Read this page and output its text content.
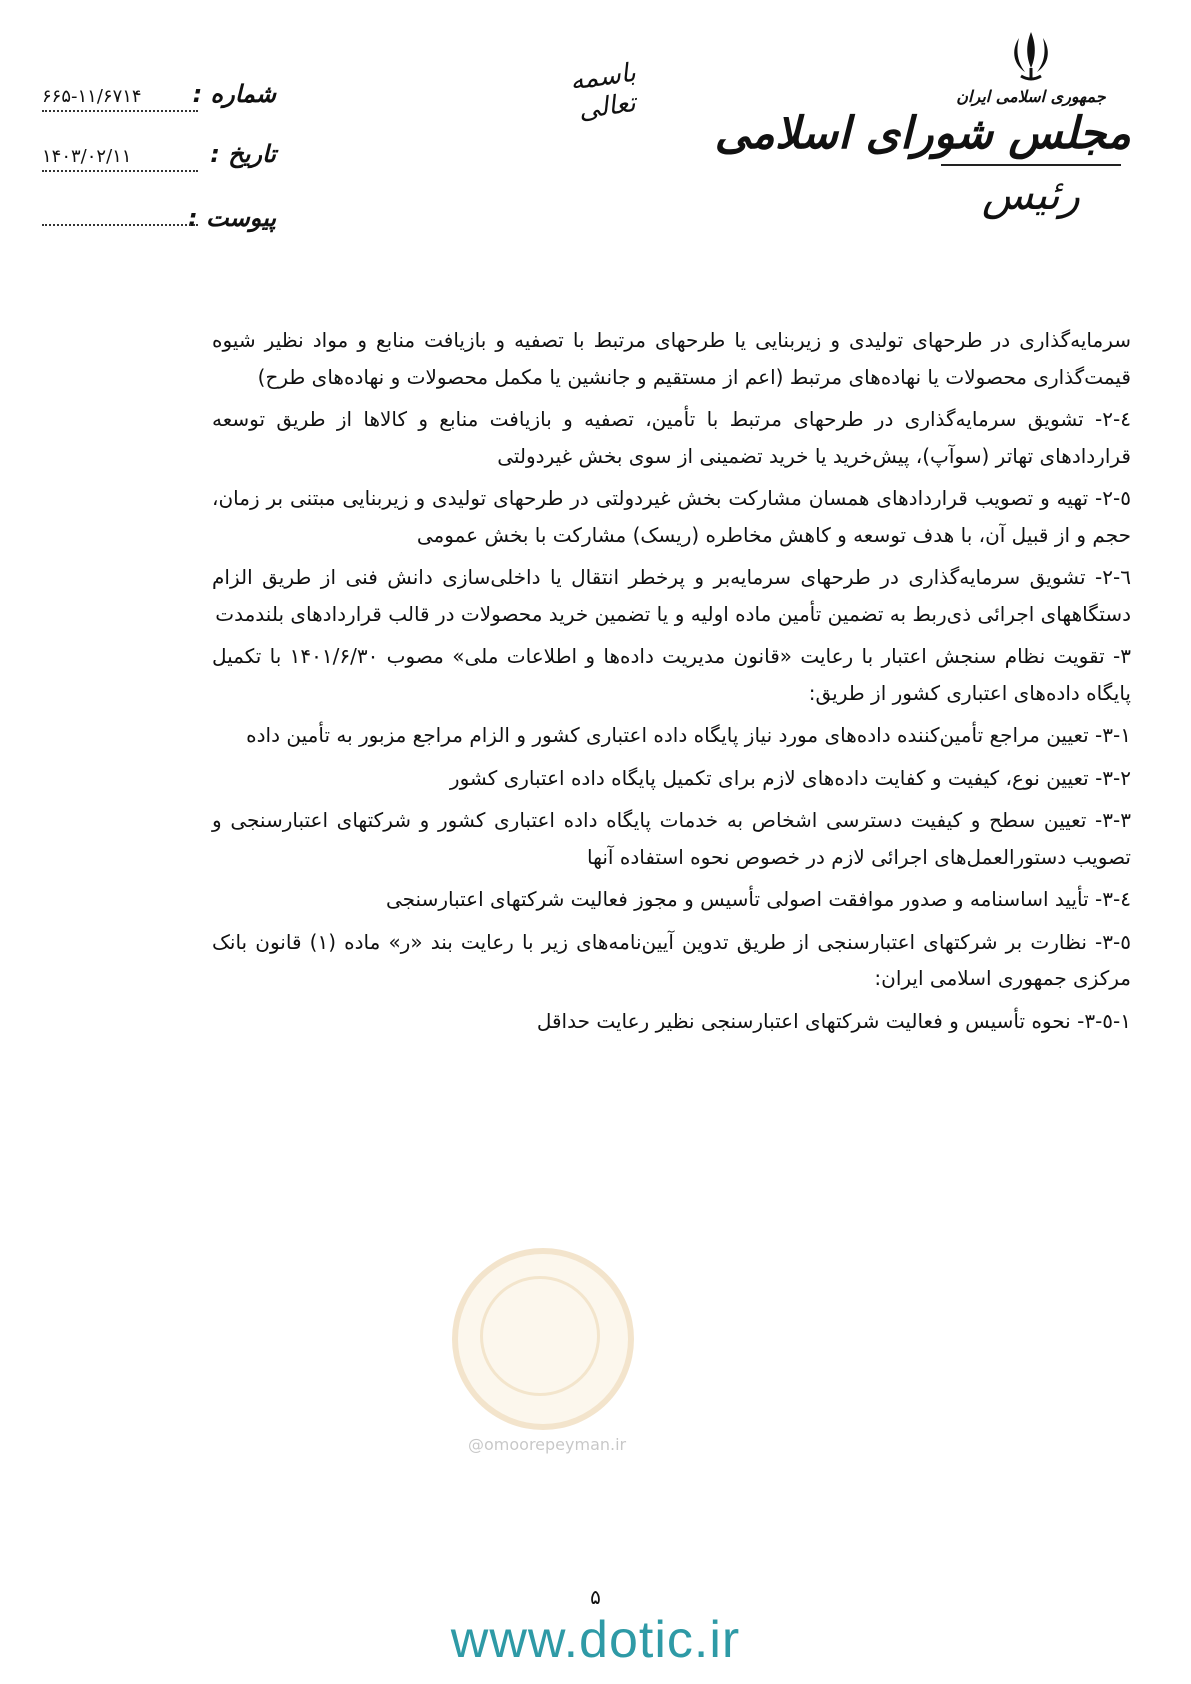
جمهوری اسلامی ایران
مجلس شورای اسلامی
رئیس
باسمه تعالی
شماره :
۶۶۵-۱۱/۶۷۱۴
تاریخ :
۱۴۰۳/۰۲/۱۱
پیوست :
@omoorepeyman.ir

سرمایه‌گذاری در طرحهای تولیدی و زیربنایی یا طرحهای مرتبط با تصفیه و بازیافت منابع و مواد نظیر شیوه قیمت‌گذاری محصولات یا نهاده‌های مرتبط (اعم از مستقیم و جانشین یا مکمل محصولات و نهاده‌های طرح)

٤-٢- تشویق سرمایه‌گذاری در طرحهای مرتبط با تأمین، تصفیه و بازیافت منابع و کالاها از طریق توسعه قراردادهای تهاتر (سوآپ)، پیش‌خرید یا خرید تضمینی از سوی بخش غیردولتی

٥-٢- تهیه و تصویب قراردادهای همسان مشارکت بخش غیردولتی در طرحهای تولیدی و زیربنایی مبتنی بر زمان، حجم و از قبیل آن، با هدف توسعه و کاهش مخاطره (ریسک) مشارکت با بخش عمومی

٦-٢- تشویق سرمایه‌گذاری در طرحهای سرمایه‌بر و پرخطر انتقال یا داخلی‌سازی دانش فنی از طریق الزام دستگاههای اجرائی ذی‌ربط به تضمین تأمین ماده اولیه و یا تضمین خرید محصولات در قالب قراردادهای بلندمدت

٣- تقویت نظام سنجش اعتبار با رعایت «قانون مدیریت داده‌ها و اطلاعات ملی» مصوب ۱۴۰۱/۶/۳۰ با تکمیل پایگاه داده‌های اعتباری کشور از طریق:

١-٣- تعیین مراجع تأمین‌کننده داده‌های مورد نیاز پایگاه داده اعتباری کشور و الزام مراجع مزبور به تأمین داده

٢-٣- تعیین نوع، کیفیت و کفایت داده‌های لازم برای تکمیل پایگاه داده اعتباری کشور

٣-٣- تعیین سطح و کیفیت دسترسی اشخاص به خدمات پایگاه داده اعتباری کشور و شرکتهای اعتبارسنجی و تصویب دستورالعمل‌های اجرائی لازم در خصوص نحوه استفاده آنها

٤-٣- تأیید اساسنامه و صدور موافقت اصولی تأسیس و مجوز فعالیت شرکتهای اعتبارسنجی

٥-٣- نظارت بر شرکتهای اعتبارسنجی از طریق تدوین آیین‌نامه‌های زیر با رعایت بند «ر» ماده (۱) قانون بانک مرکزی جمهوری اسلامی ایران:

١-٥-٣- نحوه تأسیس و فعالیت شرکتهای اعتبارسنجی نظیر رعایت حداقل

۵
www.dotic.ir
